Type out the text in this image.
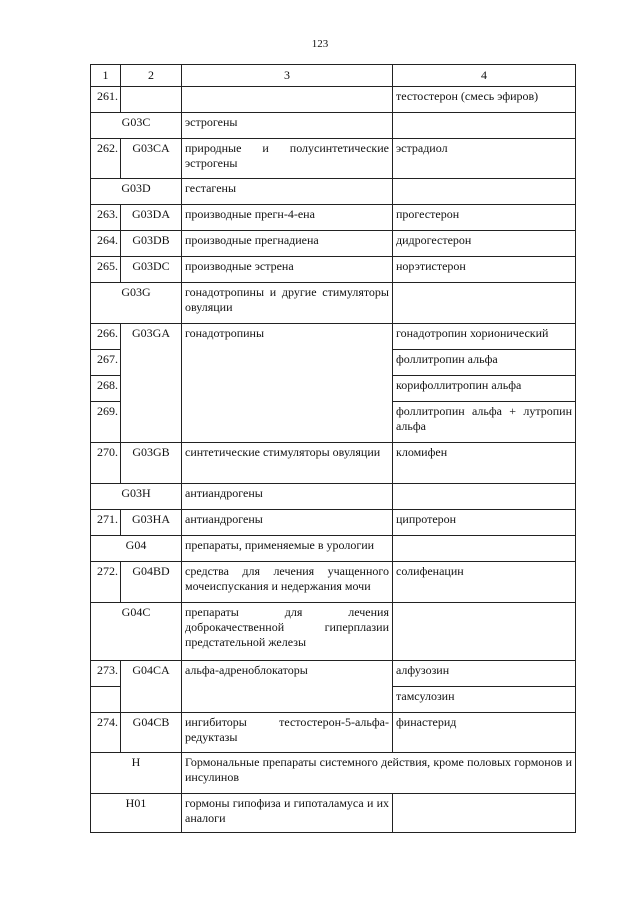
123
1	2	3	4
261.			тестостерон (смесь эфиров)
G03C		эстрогены	
262.	G03CA	природные и полусинтетические эстрогены	эстрадиол
G03D		гестагены	
263.	G03DA	производные прегн-4-ена	прогестерон
264.	G03DB	производные прегнадиена	дидрогестерон
265.	G03DC	производные эстрена	норэтистерон
G03G		гонадотропины и другие стимуляторы овуляции	
266.	G03GA	гонадотропины	гонадотропин хорионический
267.			фоллитропин альфа
268.			корифоллитропин альфа
269.			фоллитропин альфа + лутропин альфа
270.	G03GB	синтетические стимуляторы овуляции	кломифен
G03H		антиандрогены	
271.	G03HA	антиандрогены	ципротерон
G04		препараты, применяемые в урологии	
272.	G04BD	средства для лечения учащенного мочеиспускания и недержания мочи	солифенацин
G04C		препараты для лечения доброкачественной гиперплазии предстательной железы	
273.	G04CA	альфа-адреноблокаторы	алфузозин
			тамсулозин
274.	G04CB	ингибиторы тестостерон-5-альфа-редуктазы	финастерид
H		Гормональные препараты системного действия, кроме половых гормонов и инсулинов	
H01		гормоны гипофиза и гипоталамуса и их аналоги	
